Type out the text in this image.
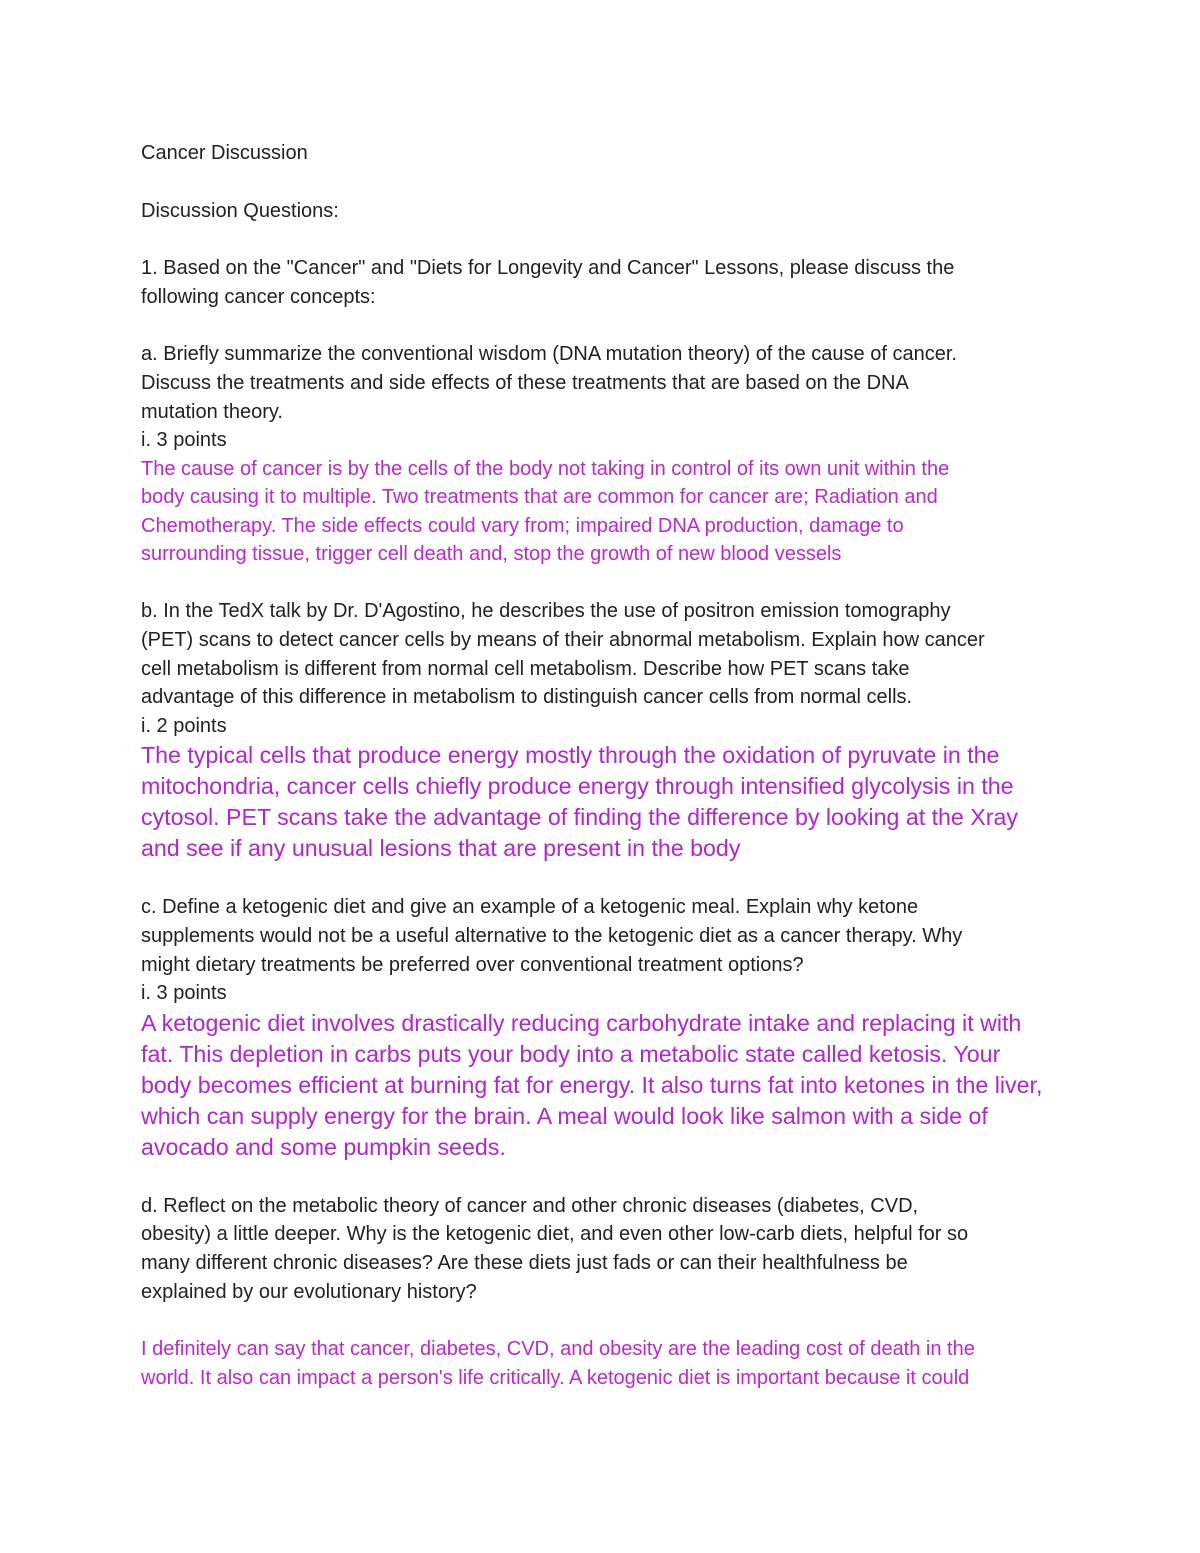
Cancer Discussion

Discussion Questions:

1. Based on the "Cancer" and "Diets for Longevity and Cancer" Lessons, please discuss the
following cancer concepts:

a. Briefly summarize the conventional wisdom (DNA mutation theory) of the cause of cancer.
Discuss the treatments and side effects of these treatments that are based on the DNA
mutation theory.

i. 3 points

The cause of cancer is by the cells of the body not taking in control of its own unit within the
body causing it to multiple. Two treatments that are common for cancer are; Radiation and
Chemotherapy. The side effects could vary from; impaired DNA production, damage to
surrounding tissue, trigger cell death and, stop the growth of new blood vessels

b. In the TedX talk by Dr. D'Agostino, he describes the use of positron emission tomography
(PET) scans to detect cancer cells by means of their abnormal metabolism. Explain how cancer
cell metabolism is different from normal cell metabolism. Describe how PET scans take
advantage of this difference in metabolism to distinguish cancer cells from normal cells.

i. 2 points

The typical cells that produce energy mostly through the oxidation of pyruvate in the
mitochondria, cancer cells chiefly produce energy through intensified glycolysis in the
cytosol. PET scans take the advantage of finding the difference by looking at the Xray
and see if any unusual lesions that are present in the body

c. Define a ketogenic diet and give an example of a ketogenic meal. Explain why ketone
supplements would not be a useful alternative to the ketogenic diet as a cancer therapy. Why
might dietary treatments be preferred over conventional treatment options?

i. 3 points

A ketogenic diet involves drastically reducing carbohydrate intake and replacing it with
fat. This depletion in carbs puts your body into a metabolic state called ketosis. Your
body becomes efficient at burning fat for energy. It also turns fat into ketones in the liver,
which can supply energy for the brain. A meal would look like salmon with a side of
avocado and some pumpkin seeds.

d. Reflect on the metabolic theory of cancer and other chronic diseases (diabetes, CVD,
obesity) a little deeper. Why is the ketogenic diet, and even other low-carb diets, helpful for so
many different chronic diseases? Are these diets just fads or can their healthfulness be
explained by our evolutionary history?

I definitely can say that cancer, diabetes, CVD, and obesity are the leading cost of death in the
world. It also can impact a person's life critically. A ketogenic diet is important because it could
